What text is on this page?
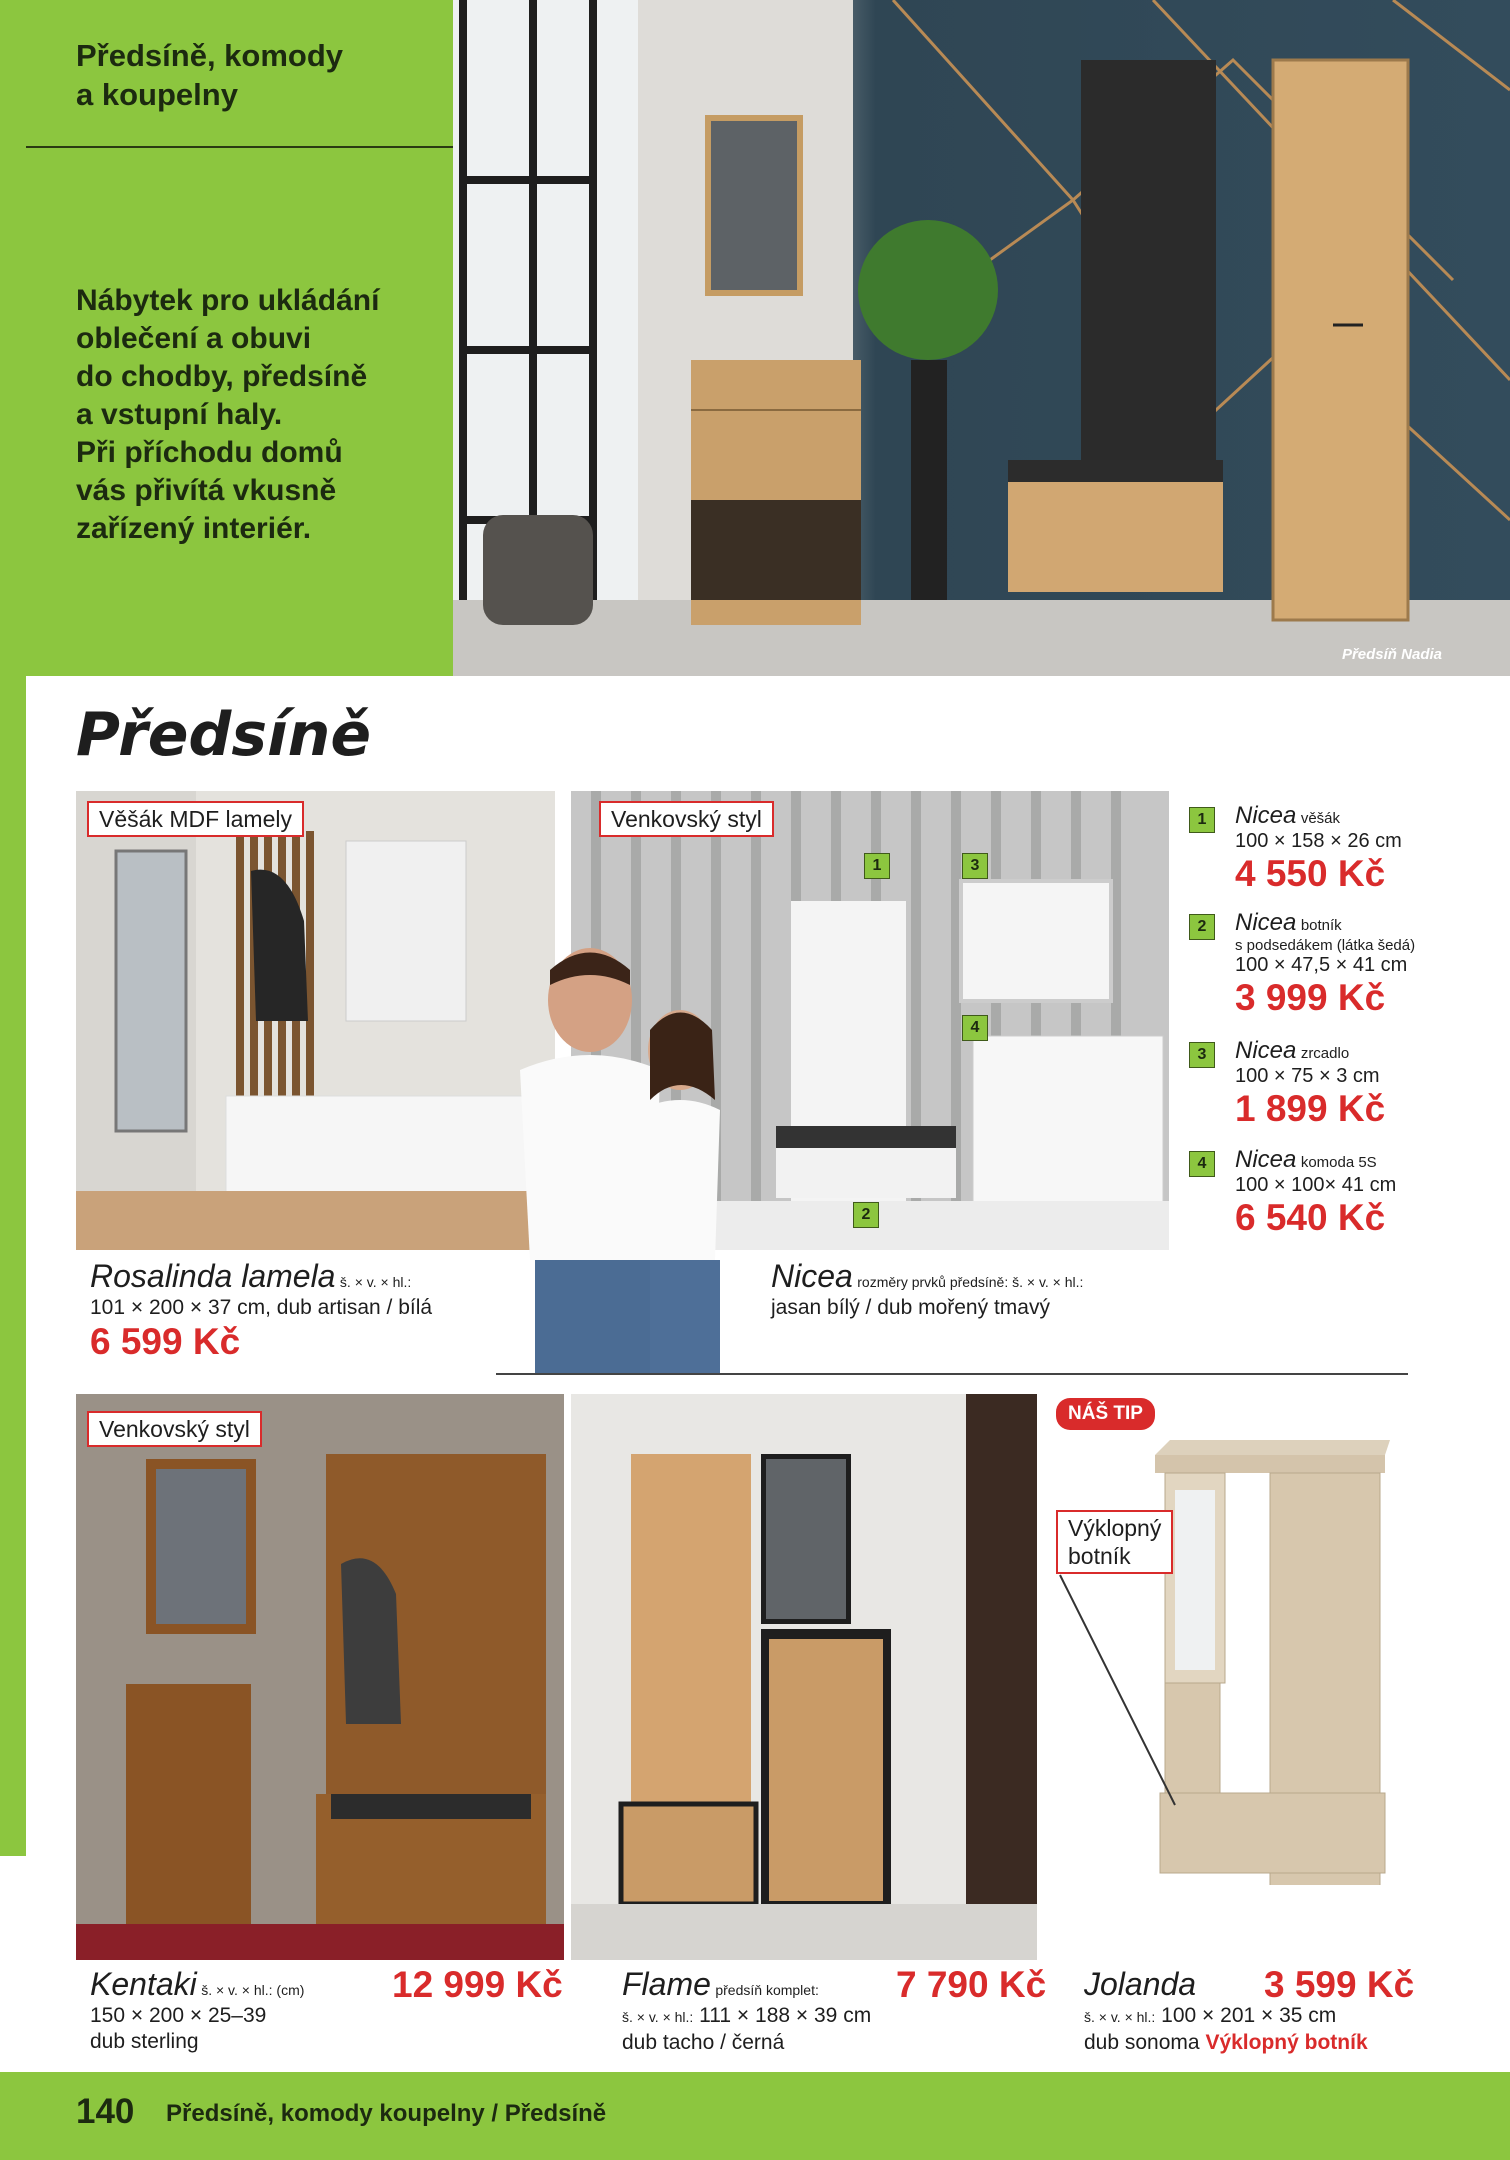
Předsíně, komody
a koupelny
Nábytek pro ukládání
oblečení a obuvi
do chodby, předsíně
a vstupní haly.
Při příchodu domů
vás přivítá vkusně
zařízený interiér.
Předsíň Nadia
Předsíně
Věšák MDF lamely	Venkovský styl
1	3
4
2
1	Nicea věšák
100 × 158 × 26 cm
4 550 Kč
2	Nicea botník
s podsedákem (látka šedá)
100 × 47,5 × 41 cm
3 999 Kč
3	Nicea zrcadlo
100 × 75 × 3 cm
1 899 Kč
4	Nicea komoda 5S
100 × 100× 41 cm
6 540 Kč
Rosalinda lamela š. × v. × hl.:
101 × 200 × 37 cm, dub artisan / bílá
6 599 Kč
Nicea rozměry prvků předsíně: š. × v. × hl.:
jasan bílý / dub mořený tmavý
Venkovský styl
NÁŠ TIP
Výklopný
botník
Kentaki š. × v. × hl.: (cm)
150 × 200 × 25–39
dub sterling
12 999 Kč Flame předsíň komplet:
š. × v. × hl.: 111 × 188 × 39 cm
dub tacho / černá
7 790 Kč Jolanda
š. × v. × hl.: 100 × 201 × 35 cm
dub sonoma Výklopný botník
3 599 Kč
140 Předsíně, komody koupelny / Předsíně
